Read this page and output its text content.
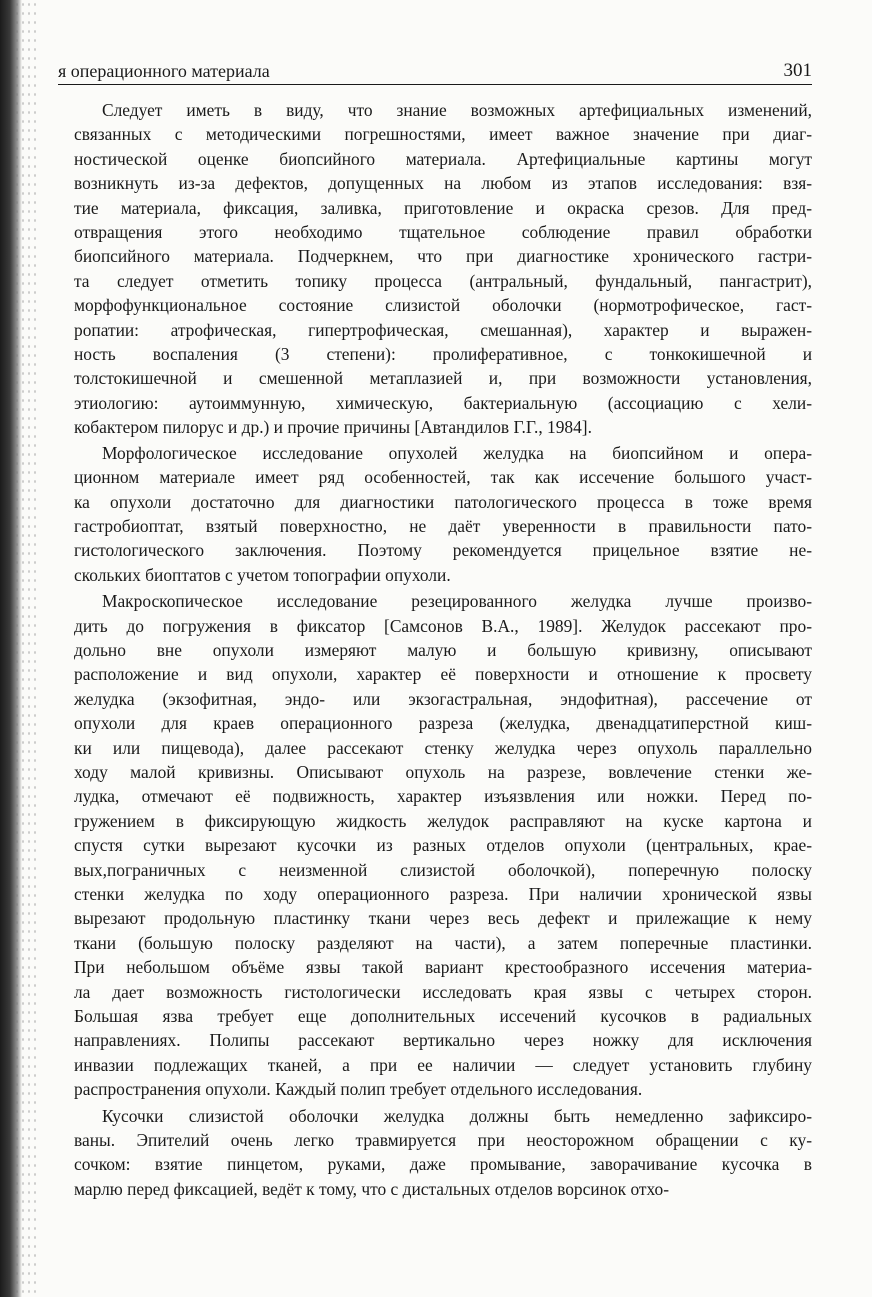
я операционного материала	301
Следует иметь в виду, что знание возможных артефициальных изменений,
связанных с методическими погрешностями, имеет важное значение при диаг-
ностической оценке биопсийного материала. Артефициальные картины могут
возникнуть из-за дефектов, допущенных на любом из этапов исследования: взя-
тие материала, фиксация, заливка, приготовление и окраска срезов. Для пред-
отвращения этого необходимо тщательное соблюдение правил обработки
биопсийного материала. Подчеркнем, что при диагностике хронического гастри-
та следует отметить топику процесса (антральный, фундальный, пангастрит),
морфофункциональное состояние слизистой оболочки (нормотрофическое, гаст-
ропатии: атрофическая, гипертрофическая, смешанная), характер и выражен-
ность воспаления (3 степени): пролиферативное, с тонкокишечной и
толстокишечной и смешенной метаплазией и, при возможности установления,
этиологию: аутоиммунную, химическую, бактериальную (ассоциацию с хели-
кобактером пилорус и др.) и прочие причины [Автандилов Г.Г., 1984].
Морфологическое исследование опухолей желудка на биопсийном и опера-
ционном материале имеет ряд особенностей, так как иссечение большого участ-
ка опухоли достаточно для диагностики патологического процесса в тоже время
гастробиоптат, взятый поверхностно, не даёт уверенности в правильности пато-
гистологического заключения. Поэтому рекомендуется прицельное взятие не-
скольких биоптатов с учетом топографии опухоли.
Макроскопическое исследование резецированного желудка лучше произво-
дить до погружения в фиксатор [Самсонов В.А., 1989]. Желудок рассекают про-
дольно вне опухоли измеряют малую и большую кривизну, описывают
расположение и вид опухоли, характер её поверхности и отношение к просвету
желудка (экзофитная, эндо- или экзогастральная, эндофитная), рассечение от
опухоли для краев операционного разреза (желудка, двенадцатиперстной киш-
ки или пищевода), далее рассекают стенку желудка через опухоль параллельно
ходу малой кривизны. Описывают опухоль на разрезе, вовлечение стенки же-
лудка, отмечают её подвижность, характер изъязвления или ножки. Перед по-
гружением в фиксирующую жидкость желудок расправляют на куске картона и
спустя сутки вырезают кусочки из разных отделов опухоли (центральных, крае-
вых,пограничных с неизменной слизистой оболочкой), поперечную полоску
стенки желудка по ходу операционного разреза. При наличии хронической язвы
вырезают продольную пластинку ткани через весь дефект и прилежащие к нему
ткани (большую полоску разделяют на части), а затем поперечные пластинки.
При небольшом объёме язвы такой вариант крестообразного иссечения материа-
ла дает возможность гистологически исследовать края язвы с четырех сторон.
Большая язва требует еще дополнительных иссечений кусочков в радиальных
направлениях. Полипы рассекают вертикально через ножку для исключения
инвазии подлежащих тканей, а при ее наличии — следует установить глубину
распространения опухоли. Каждый полип требует отдельного исследования.
Кусочки слизистой оболочки желудка должны быть немедленно зафиксиро-
ваны. Эпителий очень легко травмируется при неосторожном обращении с ку-
сочком: взятие пинцетом, руками, даже промывание, заворачивание кусочка в
марлю перед фиксацией, ведёт к тому, что с дистальных отделов ворсинок отхо-
